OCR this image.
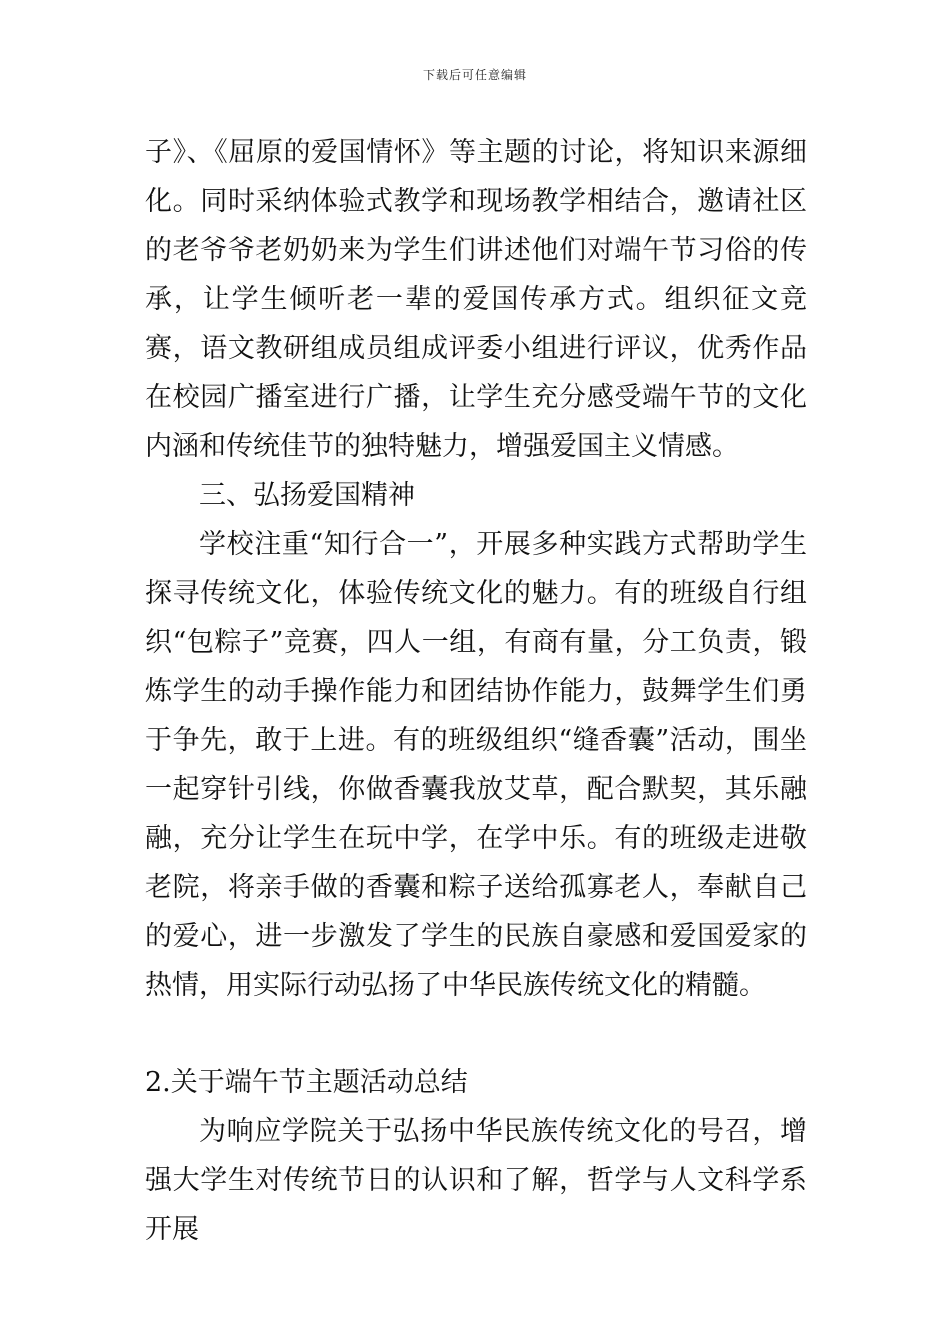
下载后可任意编辑

子》、《屈原的爱国情怀》等主题的讨论，将知识来源细化。同时采纳体验式教学和现场教学相结合，邀请社区的老爷爷老奶奶来为学生们讲述他们对端午节习俗的传承，让学生倾听老一辈的爱国传承方式。组织征文竞赛，语文教研组成员组成评委小组进行评议，优秀作品在校园广播室进行广播，让学生充分感受端午节的文化内涵和传统佳节的独特魅力，增强爱国主义情感。

三、弘扬爱国精神

学校注重“知行合一”，开展多种实践方式帮助学生探寻传统文化，体验传统文化的魅力。有的班级自行组织“包粽子”竞赛，四人一组，有商有量，分工负责，锻炼学生的动手操作能力和团结协作能力，鼓舞学生们勇于争先，敢于上进。有的班级组织“缝香囊”活动，围坐一起穿针引线，你做香囊我放艾草，配合默契，其乐融融，充分让学生在玩中学，在学中乐。有的班级走进敬老院，将亲手做的香囊和粽子送给孤寡老人，奉献自己的爱心，进一步激发了学生的民族自豪感和爱国爱家的热情，用实际行动弘扬了中华民族传统文化的精髓。

2.关于端午节主题活动总结

为响应学院关于弘扬中华民族传统文化的号召，增强大学生对传统节日的认识和了解，哲学与人文科学系开展
